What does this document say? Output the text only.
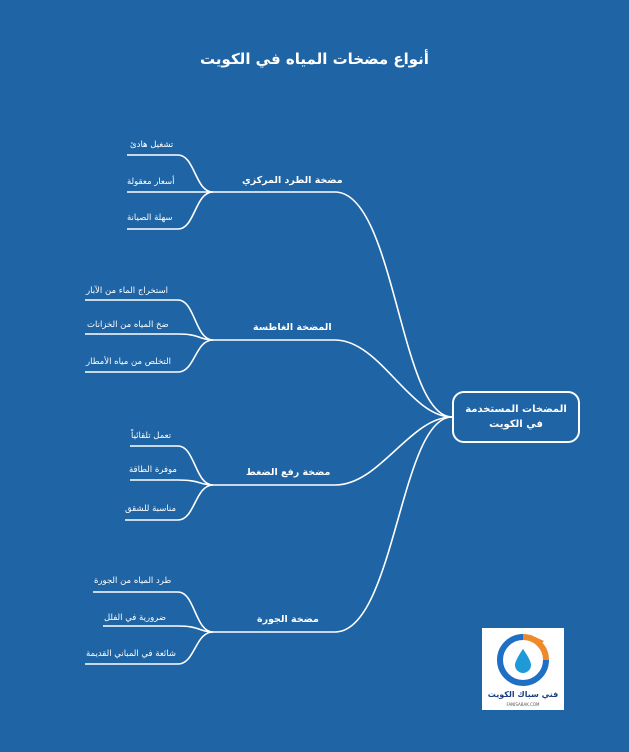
أنواع مضخات المياه في الكويت
المضخات المستخدمة في الكويت
مضخة الطرد المركزي
المضخة الغاطسة
مضخة رفع الضغط
مضخة الجورة
تشغيل هادئ
أسعار معقولة
سهلة الصيانة
استخراج الماء من الآبار
ضخ المياه من الخزانات
التخلص من مياه الأمطار
تعمل تلقائياً
موفرة الطاقة
مناسبة للشقق
طرد المياه من الجورة
ضرورية في الفلل
شائعة في المباني القديمة
فني سباك الكويت
FANISABAK.COM
